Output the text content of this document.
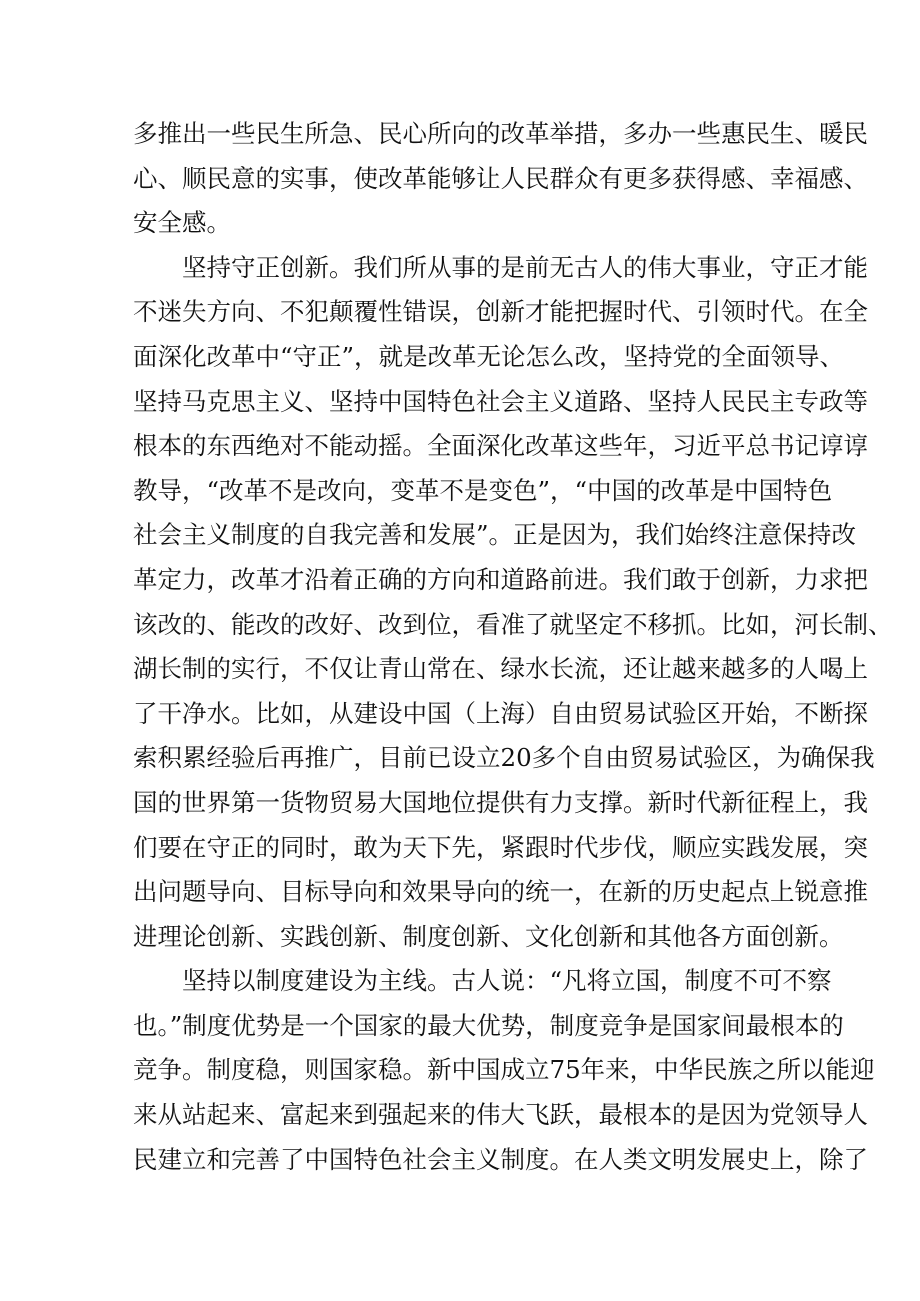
多推出一些民生所急、民心所向的改革举措，多办一些惠民生、暖民
心、顺民意的实事，使改革能够让人民群众有更多获得感、幸福感、
安全感。
坚持守正创新。我们所从事的是前无古人的伟大事业，守正才能
不迷失方向、不犯颠覆性错误，创新才能把握时代、引领时代。在全
面深化改革中“守正”，就是改革无论怎么改，坚持党的全面领导、
坚持马克思主义、坚持中国特色社会主义道路、坚持人民民主专政等
根本的东西绝对不能动摇。全面深化改革这些年，习近平总书记谆谆
教导，“改革不是改向，变革不是变色”，“中国的改革是中国特色
社会主义制度的自我完善和发展”。正是因为，我们始终注意保持改
革定力，改革才沿着正确的方向和道路前进。我们敢于创新，力求把
该改的、能改的改好、改到位，看准了就坚定不移抓。比如，河长制、
湖长制的实行，不仅让青山常在、绿水长流，还让越来越多的人喝上
了干净水。比如，从建设中国（上海）自由贸易试验区开始，不断探
索积累经验后再推广，目前已设立20多个自由贸易试验区，为确保我
国的世界第一货物贸易大国地位提供有力支撑。新时代新征程上，我
们要在守正的同时，敢为天下先，紧跟时代步伐，顺应实践发展，突
出问题导向、目标导向和效果导向的统一，在新的历史起点上锐意推
进理论创新、实践创新、制度创新、文化创新和其他各方面创新。
坚持以制度建设为主线。古人说：“凡将立国，制度不可不察
也。”制度优势是一个国家的最大优势，制度竞争是国家间最根本的
竞争。制度稳，则国家稳。新中国成立75年来，中华民族之所以能迎
来从站起来、富起来到强起来的伟大飞跃，最根本的是因为党领导人
民建立和完善了中国特色社会主义制度。在人类文明发展史上，除了
